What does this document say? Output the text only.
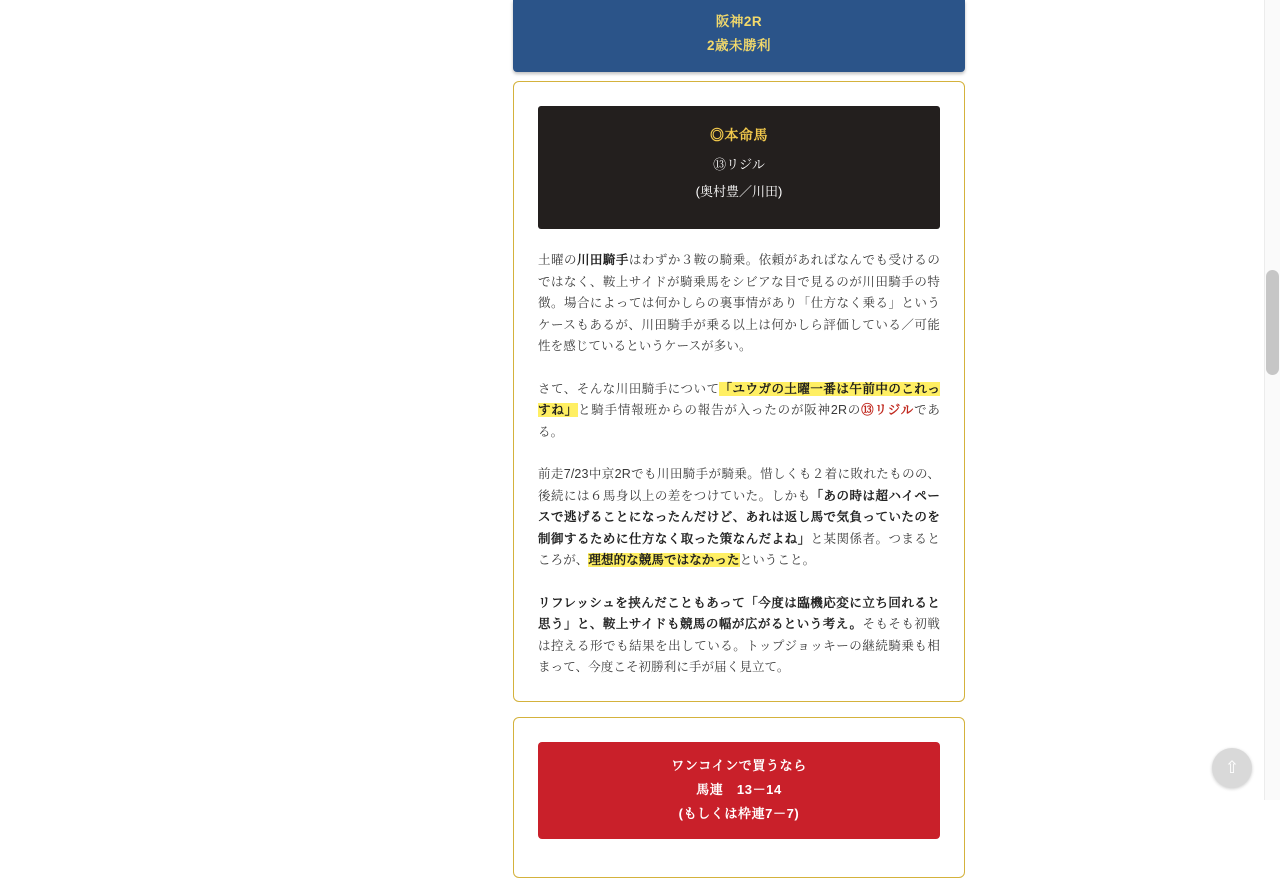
阪神2R
2歳未勝利
◎本命馬
⑬リジル
(奥村豊／川田)

土曜の川田騎手はわずか３鞍の騎乗。依頼があればなんでも受けるのではなく、鞍上サイドが騎乗馬をシビアな目で見るのが川田騎手の特徴。場合によっては何かしらの裏事情があり「仕方なく乗る」というケースもあるが、川田騎手が乗る以上は何かしら評価している／可能性を感じているというケースが多い。

さて、そんな川田騎手について「ユウガの土曜一番は午前中のこれっすね」と騎手情報班からの報告が入ったのが阪神2Rの⑬リジルである。

前走7/23中京2Rでも川田騎手が騎乗。惜しくも２着に敗れたものの、後続には６馬身以上の差をつけていた。しかも「あの時は超ハイペースで逃げることになったんだけど、あれは返し馬で気負っていたのを制御するために仕方なく取った策なんだよね」と某関係者。つまるところが、理想的な競馬ではなかったということ。

リフレッシュを挟んだこともあって「今度は臨機応変に立ち回れると思う」と、鞍上サイドも競馬の幅が広がるという考え。そもそも初戦は控える形でも結果を出している。トップジョッキーの継続騎乗も相まって、今度こそ初勝利に手が届く見立て。

ワンコインで買うなら
馬連　13－14
(もしくは枠連7－7)
⇧
